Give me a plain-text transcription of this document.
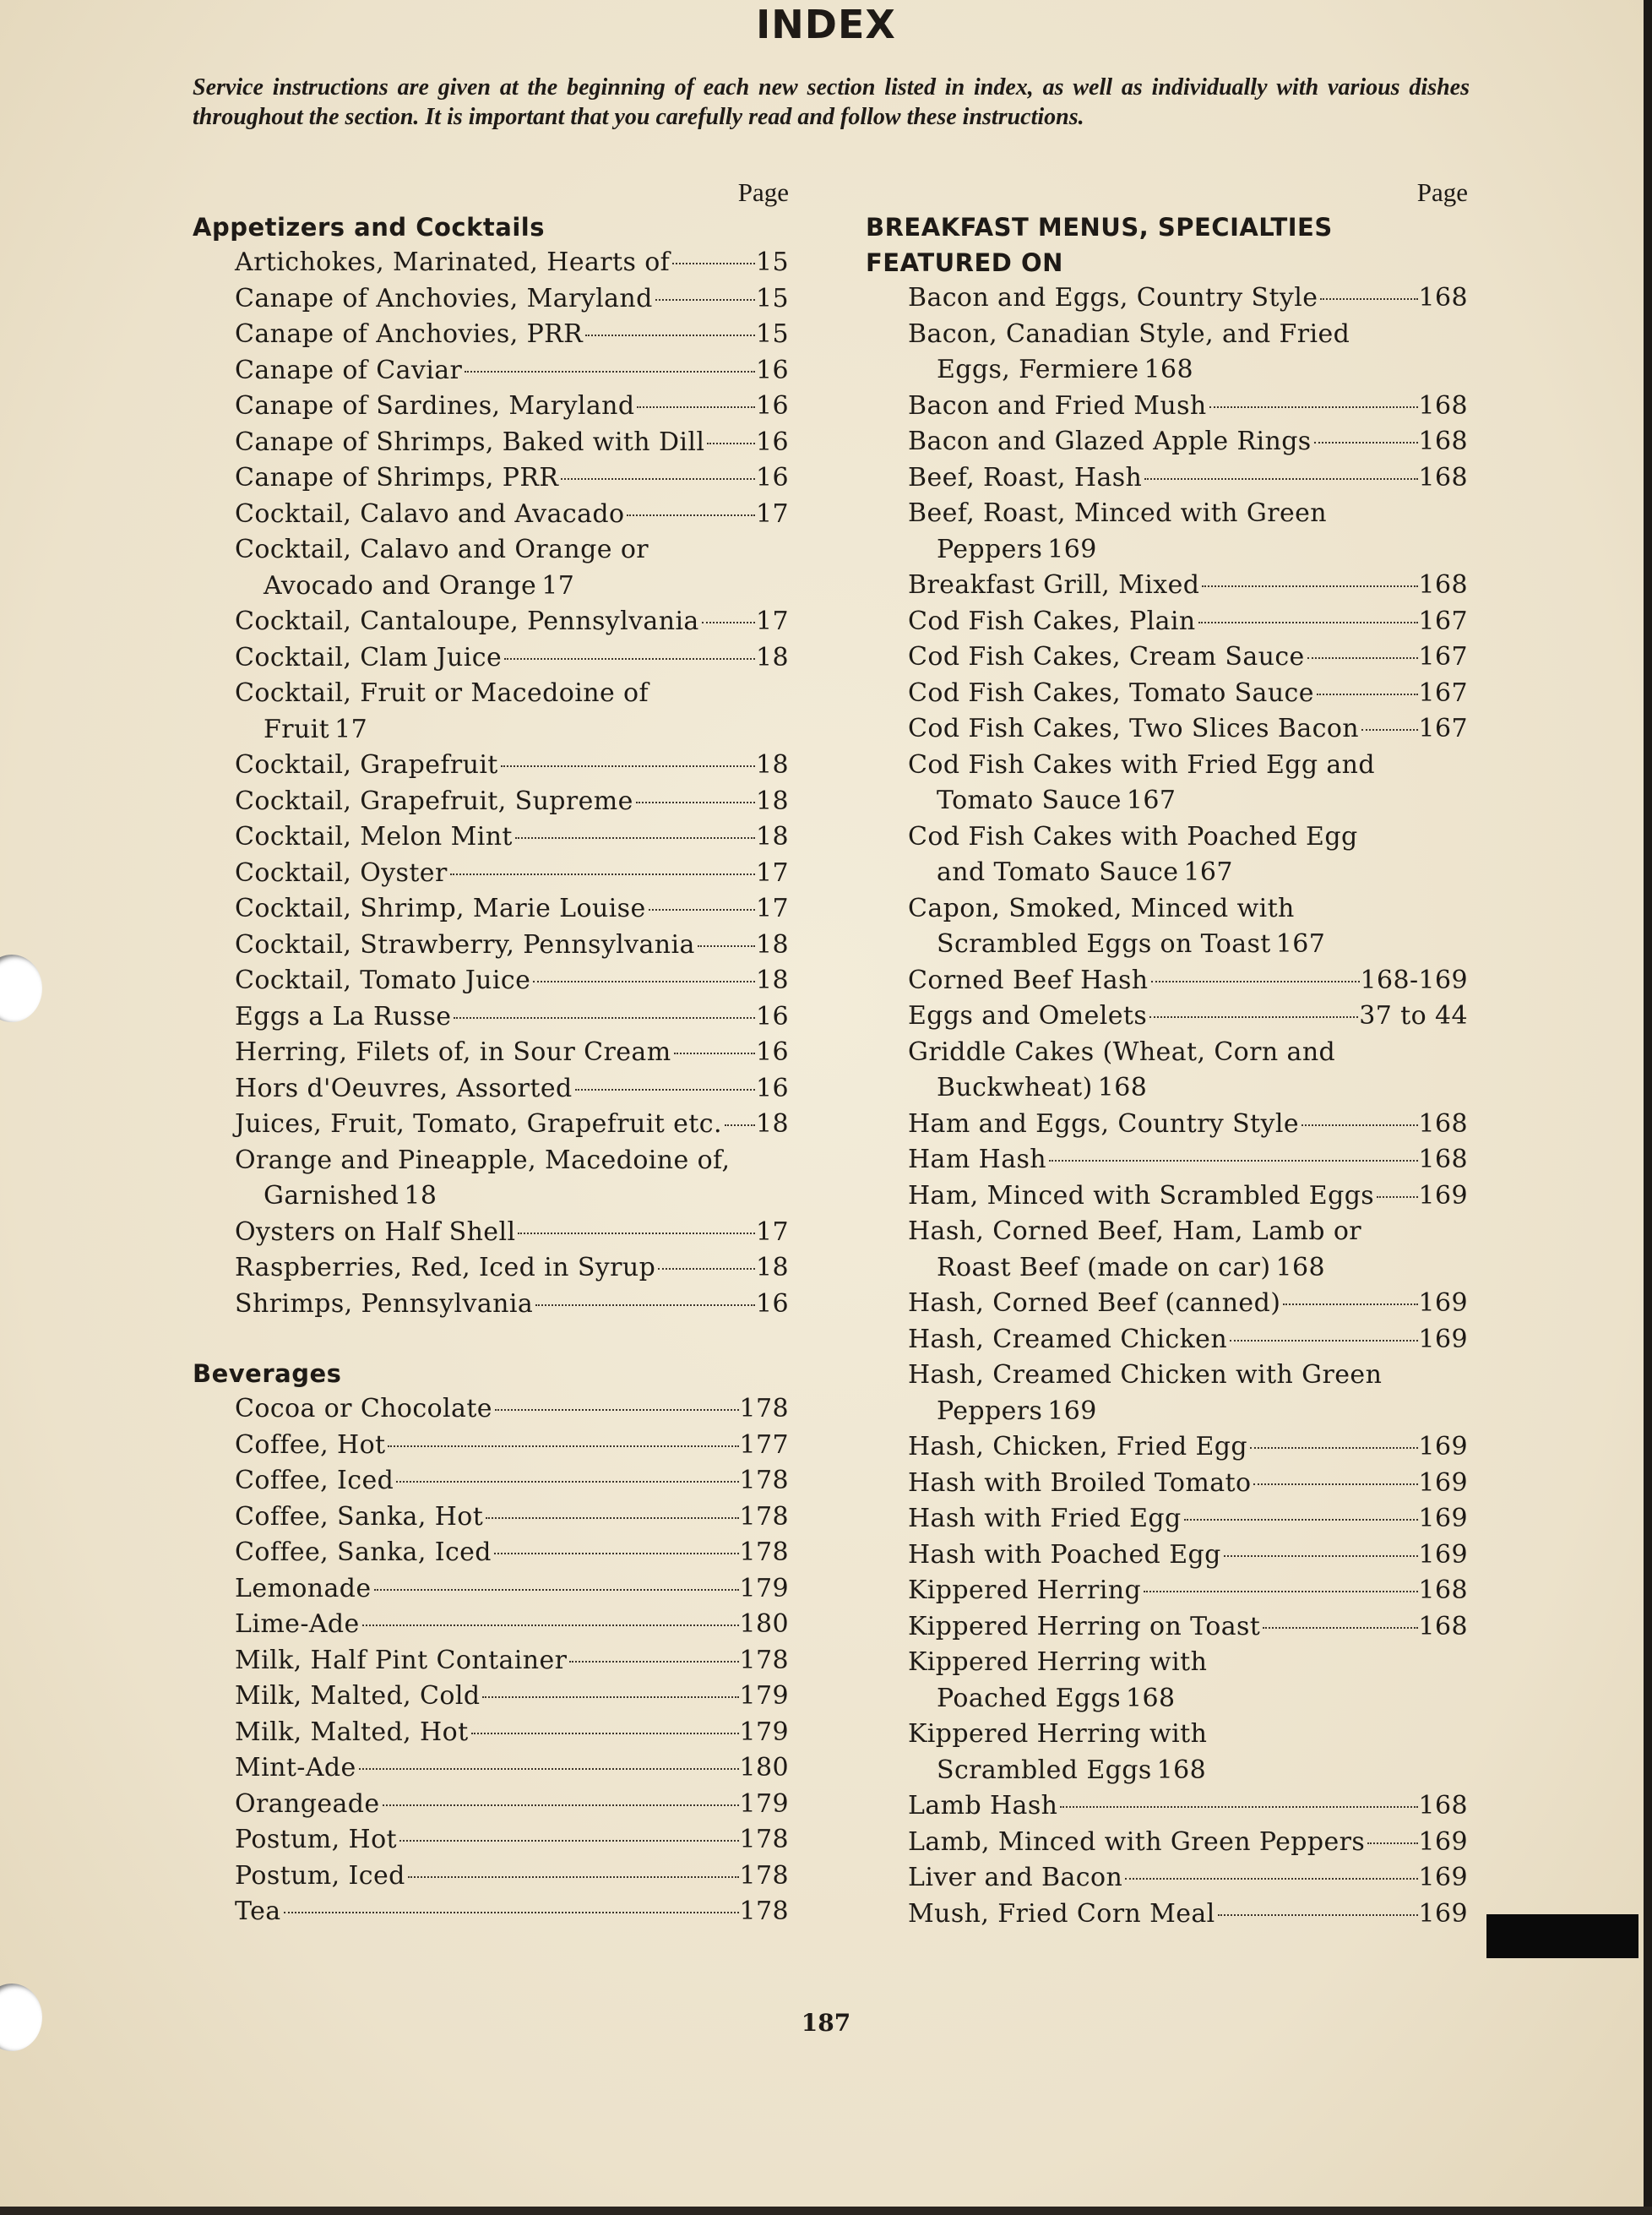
INDEX
Service instructions are given at the beginning of each new section listed in index, as well as individually with various dishes throughout the section. It is important that you carefully read and follow these instructions.
Page
Appetizers and Cocktails
Artichokes, Marinated, Hearts of	15
Canape of Anchovies, Maryland	15
Canape of Anchovies, PRR	15
Canape of Caviar	16
Canape of Sardines, Maryland	16
Canape of Shrimps, Baked with Dill 16
Canape of Shrimps, PRR	16
Cocktail, Calavo and Avacado	17
Cocktail, Calavo and Orange or
Avocado and Orange 17
Cocktail, Cantaloupe, Pennsylvania 17
Cocktail, Clam Juice	18
Cocktail, Fruit or Macedoine of
Fruit 17
Cocktail, Grapefruit	18
Cocktail, Grapefruit, Supreme	18
Cocktail, Melon Mint	18
Cocktail, Oyster	17
Cocktail, Shrimp, Marie Louise	17
Cocktail, Strawberry, Pennsylvania 18
Cocktail, Tomato Juice	18
Eggs a La Russe	16
Herring, Filets of, in Sour Cream	16
Hors d'Oeuvres, Assorted	16
Juices, Fruit, Tomato, Grapefruit etc. 18
Orange and Pineapple, Macedoine of,
Garnished 18
Oysters on Half Shell	17
Raspberries, Red, Iced in Syrup	18
Shrimps, Pennsylvania	16
Beverages
Cocoa or Chocolate	178
Coffee, Hot	177
Coffee, Iced	178
Coffee, Sanka, Hot	178
Coffee, Sanka, Iced	178
Lemonade	179
Lime-Ade	180
Milk, Half Pint Container	178
Milk, Malted, Cold	179
Milk, Malted, Hot	179
Mint-Ade	180
Orangeade	179
Postum, Hot	178
Postum, Iced	178
Tea	178
Page
BREAKFAST MENUS, SPECIALTIES
FEATURED ON
Bacon and Eggs, Country Style	168
Bacon, Canadian Style, and Fried
Eggs, Fermiere 168
Bacon and Fried Mush	168
Bacon and Glazed Apple Rings	168
Beef, Roast, Hash	168
Beef, Roast, Minced with Green
Peppers 169
Breakfast Grill, Mixed	168
Cod Fish Cakes, Plain	167
Cod Fish Cakes, Cream Sauce	167
Cod Fish Cakes, Tomato Sauce	167
Cod Fish Cakes, Two Slices Bacon 167
Cod Fish Cakes with Fried Egg and
Tomato Sauce 167
Cod Fish Cakes with Poached Egg
and Tomato Sauce 167
Capon, Smoked, Minced with
Scrambled Eggs on Toast 167
Corned Beef Hash	168-169
Eggs and Omelets	37 to 44
Griddle Cakes (Wheat, Corn and
Buckwheat) 168
Ham and Eggs, Country Style	168
Ham Hash	168
Ham, Minced with Scrambled Eggs 169
Hash, Corned Beef, Ham, Lamb or
Roast Beef (made on car) 168
Hash, Corned Beef (canned)	169
Hash, Creamed Chicken	169
Hash, Creamed Chicken with Green
Peppers 169
Hash, Chicken, Fried Egg	169
Hash with Broiled Tomato	169
Hash with Fried Egg	169
Hash with Poached Egg	169
Kippered Herring	168
Kippered Herring on Toast	168
Kippered Herring with
Poached Eggs 168
Kippered Herring with
Scrambled Eggs 168
Lamb Hash	168
Lamb, Minced with Green Peppers 169
Liver and Bacon	169
Mush, Fried Corn Meal	169
187
